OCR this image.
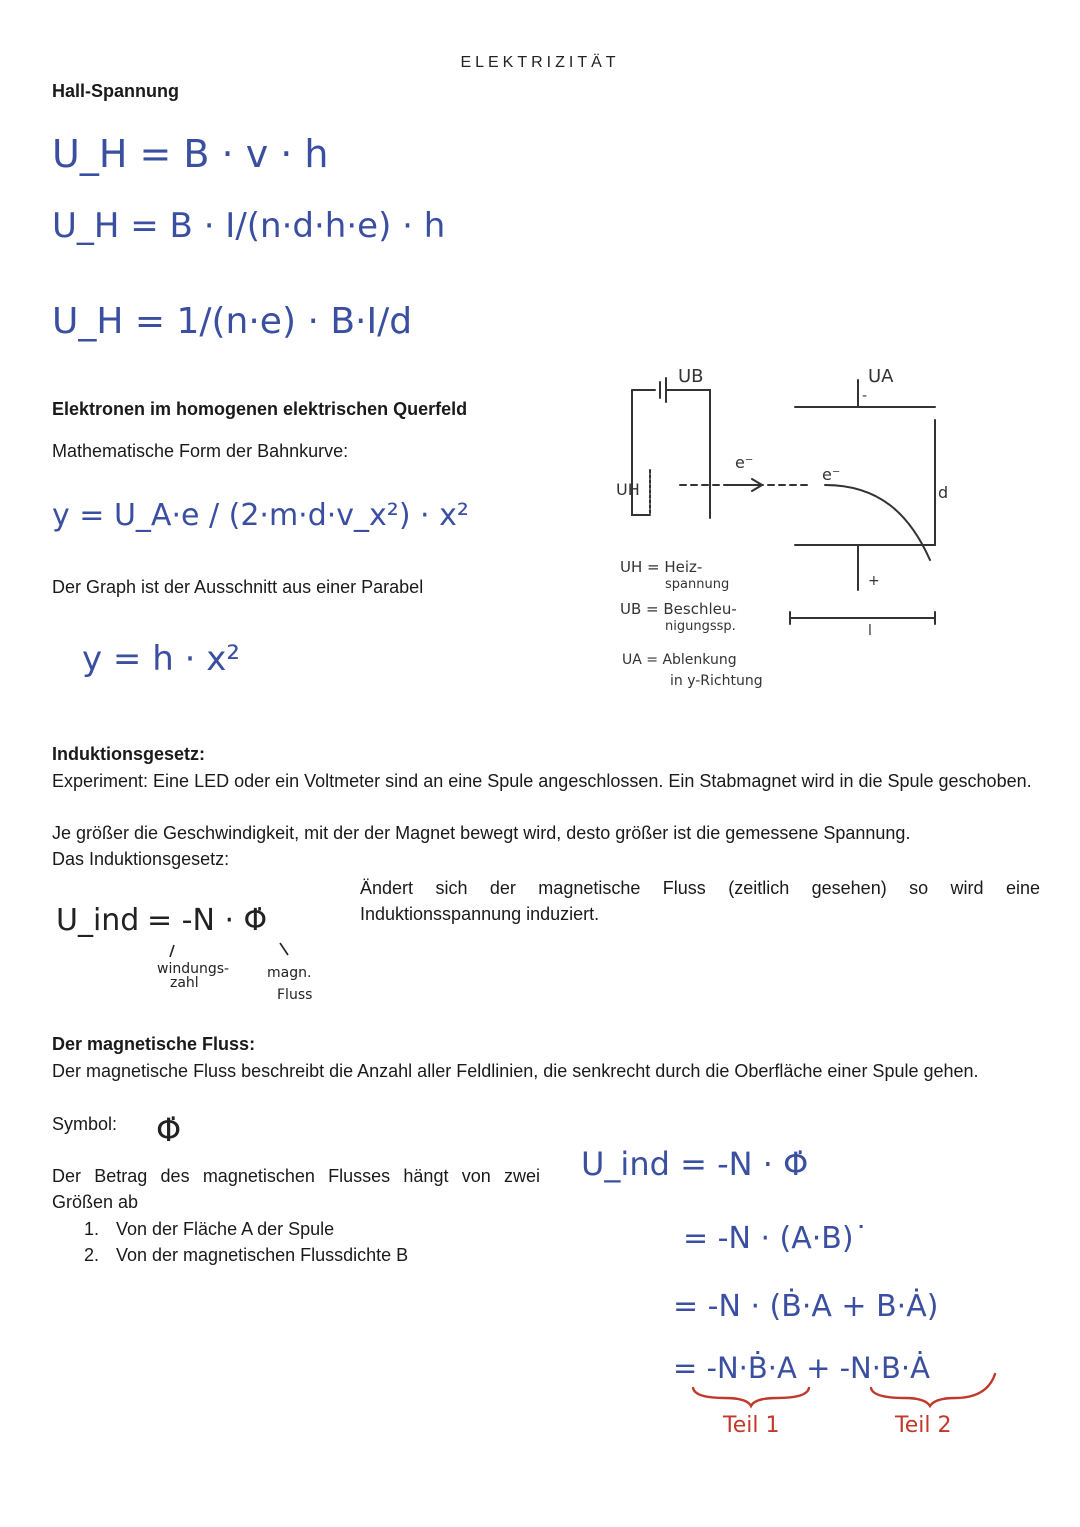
ELEKTRIZITÄT
Hall-Spannung
U_H = B · v · h
U_H = B · I/(n·d·h·e) · h
U_H = 1/(n·e) · B·I/d
Elektronen im homogenen elektrischen Querfeld
Mathematische Form der Bahnkurve:
y = U_A·e / (2·m·d·v_x²) · x²
Der Graph ist der Ausschnitt aus einer Parabel
y = h · x²
UB	UA
UH
e⁻
e⁻
d
-
+
l
UH = Heiz-
spannung
UB = Beschleu-
nigungssp.
UA = Ablenkung
in y-Richtung
Induktionsgesetz:
Experiment: Eine LED oder ein Voltmeter sind an eine Spule angeschlossen. Ein Stabmagnet wird in die Spule geschoben.
Je größer die Geschwindigkeit, mit der der Magnet bewegt wird, desto größer ist die gemessene Spannung.
Das Induktionsgesetz:
U_ind = -N · Φ̇
windungs-
zahl
magn.
Fluss
Ändert sich der magnetische Fluss (zeitlich gesehen) so wird eine Induktionsspannung induziert.
Der magnetische Fluss:
Der magnetische Fluss beschreibt die Anzahl aller Feldlinien, die senkrecht durch die Oberfläche einer Spule gehen.
Symbol: Φ̇
Der Betrag des magnetischen Flusses hängt von zwei Größen ab
1. Von der Fläche A der Spule
2. Von der magnetischen Flussdichte B
U_ind = -N · Φ̇
= -N · (A·B)˙
= -N · (Ḃ·A + B·Ȧ)
= -N·Ḃ·A + -N·B·Ȧ
Teil 1	Teil 2
